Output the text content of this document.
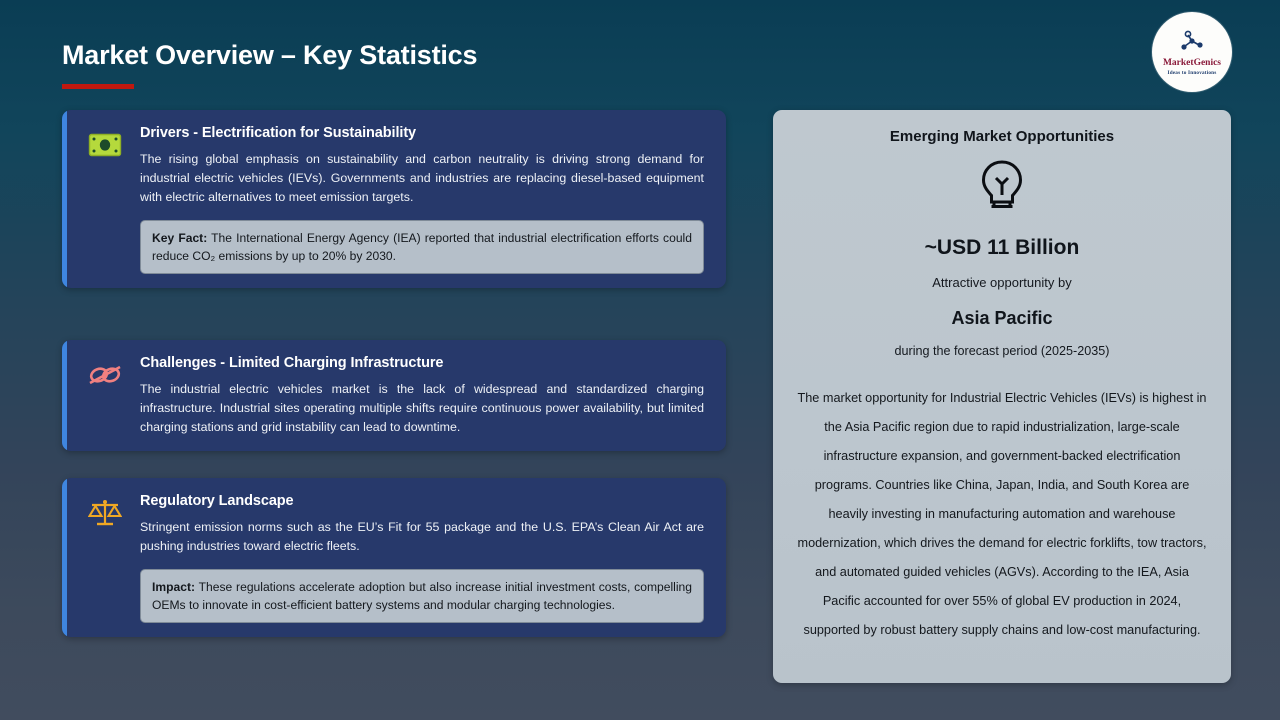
Market Overview – Key Statistics	MarketGenics
Ideas to Innovations
Drivers - Electrification for Sustainability

The rising global emphasis on sustainability and carbon neutrality is driving strong demand for industrial electric vehicles (IEVs). Governments and industries are replacing diesel-based equipment with electric alternatives to meet emission targets.

Key Fact: The International Energy Agency (IEA) reported that industrial electrification efforts could reduce CO₂ emissions by up to 20% by 2030.
Challenges - Limited Charging Infrastructure

The industrial electric vehicles market is the lack of widespread and standardized charging infrastructure. Industrial sites operating multiple shifts require continuous power availability, but limited charging stations and grid instability can lead to downtime.

Regulatory Landscape

Stringent emission norms such as the EU’s Fit for 55 package and the U.S. EPA’s Clean Air Act are pushing industries toward electric fleets.

Impact: These regulations accelerate adoption but also increase initial investment costs, compelling OEMs to innovate in cost-efficient battery systems and modular charging technologies.
Emerging Market Opportunities
~USD 11 Billion
Attractive opportunity by
Asia Pacific
during the forecast period (2025-2035)
The market opportunity for Industrial Electric Vehicles (IEVs) is highest in the Asia Pacific region due to rapid industrialization, large-scale infrastructure expansion, and government-backed electrification programs. Countries like China, Japan, India, and South Korea are heavily investing in manufacturing automation and warehouse modernization, which drives the demand for electric forklifts, tow tractors, and automated guided vehicles (AGVs). According to the IEA, Asia Pacific accounted for over 55% of global EV production in 2024, supported by robust battery supply chains and low-cost manufacturing.
